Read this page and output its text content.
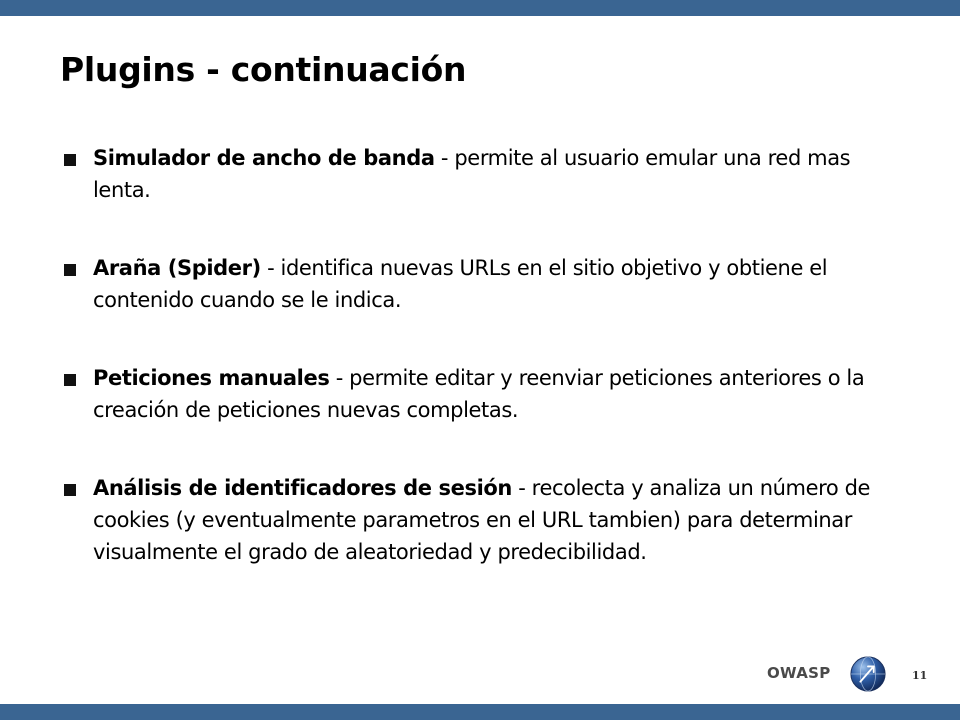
Plugins - continuación
Simulador de ancho de banda - permite al usuario emular una red mas lenta.
Araña (Spider) - identifica nuevas URLs en el sitio objetivo y obtiene el contenido cuando se le indica.
Peticiones manuales - permite editar y reenviar peticiones anteriores o la creación de peticiones nuevas completas.
Análisis de identificadores de sesión - recolecta y analiza un número de cookies (y eventualmente parametros en el URL tambien) para determinar visualmente el grado de aleatoriedad y predecibilidad.
OWASP	11
